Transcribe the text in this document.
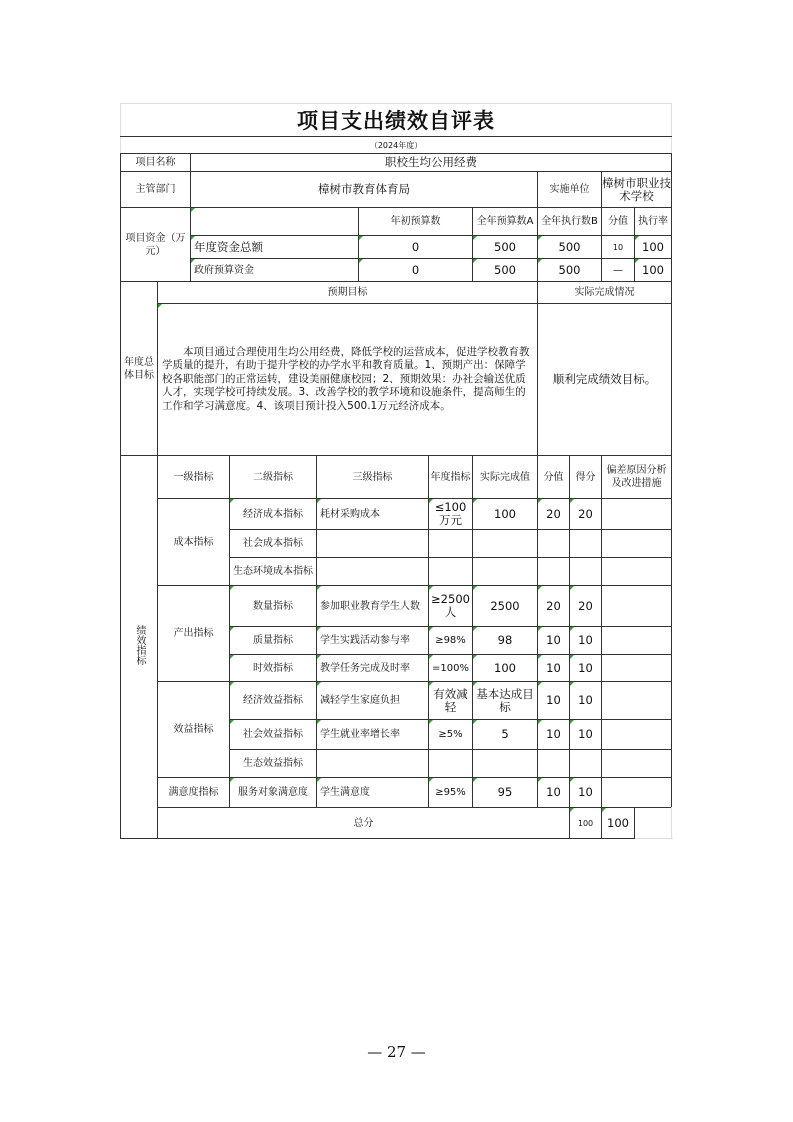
项目支出绩效自评表												
（2024年度）												
项目名称		职校生均公用经费										
主管部门		樟树市教育体育局						实施单位		樟树市职业技术学校		
项目资金（万元）					年初预算数		全年预算数A	全年执行数B		分值	执行率	
		年度资金总额			0		500	500		10	100	
		政府预算资金			0		500	500		—	100	
年度总体目标	预期目标							实际完成情况				
	本项目通过合理使用生均公用经费，降低学校的运营成本，促进学校教育教学质量的提升，有助于提升学校的办学水平和教育质量。1、预期产出：保障学校各职能部门的正常运转，建设美丽健康校园；2、预期效果：办社会输送优质人才，实现学校可持续发展。3、改善学校的教学环境和设施条件，提高师生的工作和学习满意度。4、该项目预计投入500.1万元经济成本。							顺利完成绩效目标。				

绩效指标	一级指标		二级指标	三级指标		年度指标	实际完成值	分值	得分	偏差原因分析及改进措施		
	成本指标		经济成本指标	耗材采购成本		≤100万元	100	20	20			
			社会成本指标									
			生态环境成本指标									
	产出指标		数量指标	参加职业教育学生人数		≥2500人	2500	20	20			
			质量指标	学生实践活动参与率		≥98%	98	10	10			
			时效指标	教学任务完成及时率		=100%	100	10	10			
	效益指标		经济效益指标	减轻学生家庭负担		有效减轻	基本达成目标	10	10			
			社会效益指标	学生就业率增长率		≥5%	5	10	10			
			生态效益指标									
	满意度指标		服务对象满意度	学生满意度		≥95%	95	10	10			
	总分								100	100		
— 27 —
